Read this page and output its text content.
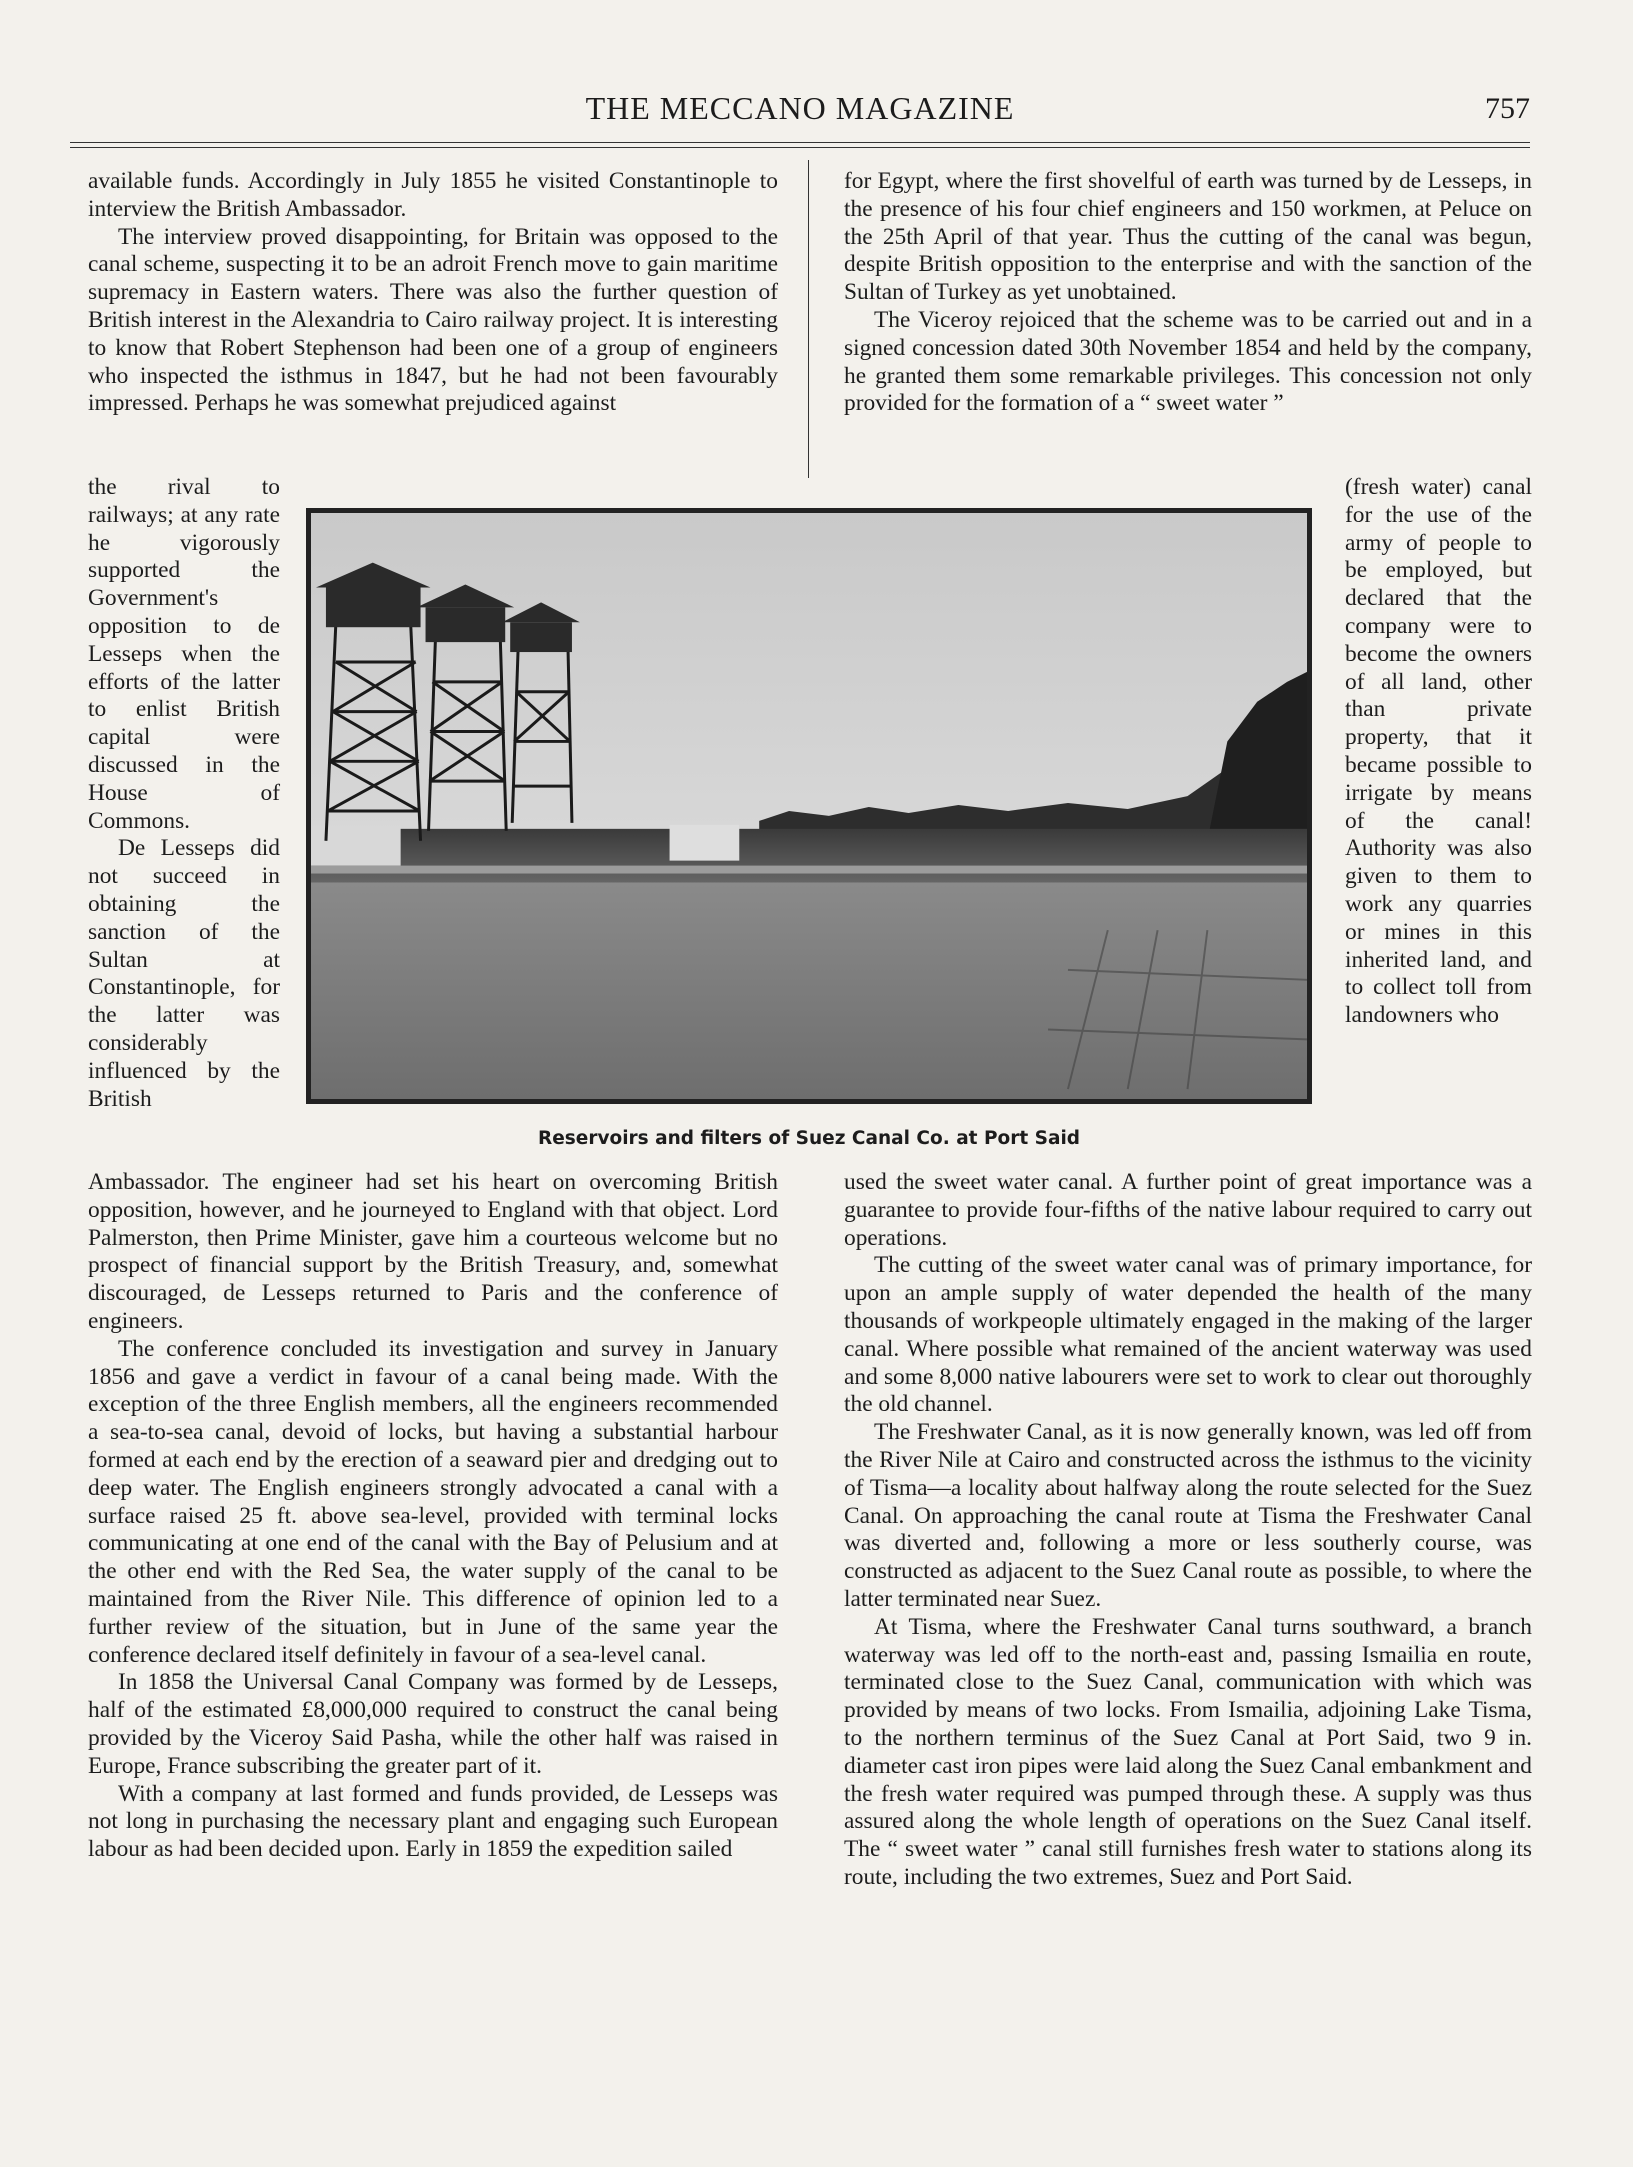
THE MECCANO MAGAZINE	757

available funds. Accordingly in July 1855 he visited Constantinople to interview the British Ambassador.

The interview proved disappointing, for Britain was opposed to the canal scheme, suspecting it to be an adroit French move to gain maritime supremacy in Eastern waters. There was also the further question of British interest in the Alexandria to Cairo railway project. It is interesting to know that Robert Stephenson had been one of a group of engineers who inspected the isthmus in 1847, but he had not been favourably impressed. Perhaps he was somewhat prejudiced against

the rival to railways; at any rate he vigorously supported the Government's opposition to de Lesseps when the efforts of the latter to enlist British capital were discussed in the House of Commons.

De Lesseps did not succeed in obtaining the sanction of the Sultan at Constantinople, for the latter was considerably influenced by the British

Reservoirs and filters of Suez Canal Co. at Port Said

Ambassador. The engineer had set his heart on overcoming British opposition, however, and he journeyed to England with that object. Lord Palmerston, then Prime Minister, gave him a courteous welcome but no prospect of financial support by the British Treasury, and, somewhat discouraged, de Lesseps returned to Paris and the conference of engineers.

The conference concluded its investigation and survey in January 1856 and gave a verdict in favour of a canal being made. With the exception of the three English members, all the engineers recommended a sea-to-sea canal, devoid of locks, but having a substantial harbour formed at each end by the erection of a seaward pier and dredging out to deep water. The English engineers strongly advocated a canal with a surface raised 25 ft. above sea-level, provided with terminal locks communicating at one end of the canal with the Bay of Pelusium and at the other end with the Red Sea, the water supply of the canal to be maintained from the River Nile. This difference of opinion led to a further review of the situation, but in June of the same year the conference declared itself definitely in favour of a sea-level canal.

In 1858 the Universal Canal Company was formed by de Lesseps, half of the estimated £8,000,000 required to construct the canal being provided by the Viceroy Said Pasha, while the other half was raised in Europe, France subscribing the greater part of it.

With a company at last formed and funds provided, de Lesseps was not long in purchasing the necessary plant and engaging such European labour as had been decided upon. Early in 1859 the expedition sailed

for Egypt, where the first shovelful of earth was turned by de Lesseps, in the presence of his four chief engineers and 150 workmen, at Peluce on the 25th April of that year. Thus the cutting of the canal was begun, despite British opposition to the enterprise and with the sanction of the Sultan of Turkey as yet unobtained.

The Viceroy rejoiced that the scheme was to be carried out and in a signed concession dated 30th November 1854 and held by the company, he granted them some remarkable privileges. This concession not only provided for the formation of a “ sweet water ”

(fresh water) canal for the use of the army of people to be employed, but declared that the company were to become the owners of all land, other than private property, that it became possible to irrigate by means of the canal! Authority was also given to them to work any quarries or mines in this inherited land, and to collect toll from landowners who

used the sweet water canal. A further point of great importance was a guarantee to provide four-fifths of the native labour required to carry out operations.

The cutting of the sweet water canal was of primary importance, for upon an ample supply of water depended the health of the many thousands of workpeople ultimately engaged in the making of the larger canal. Where possible what remained of the ancient waterway was used and some 8,000 native labourers were set to work to clear out thoroughly the old channel.

The Freshwater Canal, as it is now generally known, was led off from the River Nile at Cairo and constructed across the isthmus to the vicinity of Tisma—a locality about halfway along the route selected for the Suez Canal. On approaching the canal route at Tisma the Freshwater Canal was diverted and, following a more or less southerly course, was constructed as adjacent to the Suez Canal route as possible, to where the latter terminated near Suez.

At Tisma, where the Freshwater Canal turns southward, a branch waterway was led off to the north-east and, passing Ismailia en route, terminated close to the Suez Canal, communication with which was provided by means of two locks. From Ismailia, adjoining Lake Tisma, to the northern terminus of the Suez Canal at Port Said, two 9 in. diameter cast iron pipes were laid along the Suez Canal embankment and the fresh water required was pumped through these. A supply was thus assured along the whole length of operations on the Suez Canal itself. The “ sweet water ” canal still furnishes fresh water to stations along its route, including the two extremes, Suez and Port Said.
